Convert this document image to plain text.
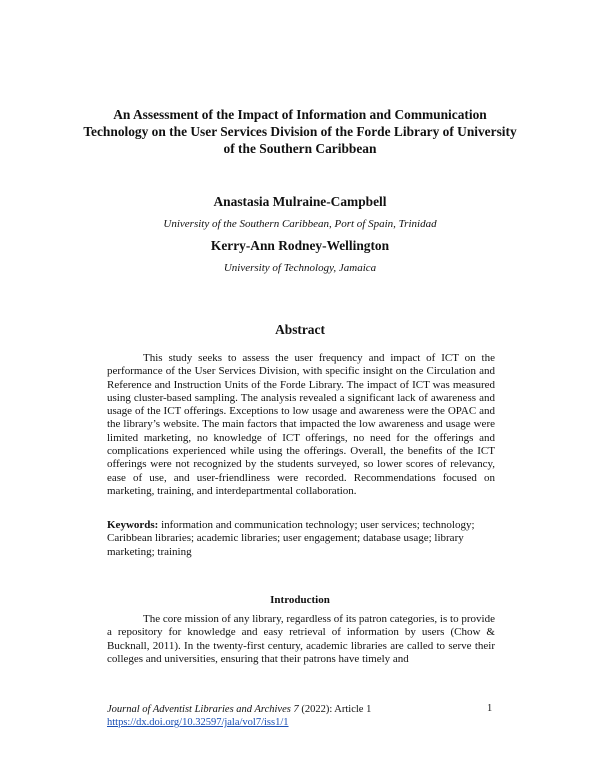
An Assessment of the Impact of Information and Communication Technology on the User Services Division of the Forde Library of University of the Southern Caribbean
Anastasia Mulraine-Campbell
University of the Southern Caribbean, Port of Spain, Trinidad
Kerry-Ann Rodney-Wellington
University of Technology, Jamaica
Abstract

This study seeks to assess the user frequency and impact of ICT on the performance of the User Services Division, with specific insight on the Circulation and Reference and Instruction Units of the Forde Library. The impact of ICT was measured using cluster-based sampling. The analysis revealed a significant lack of awareness and usage of the ICT offerings. Exceptions to low usage and awareness were the OPAC and the library’s website. The main factors that impacted the low awareness and usage were limited marketing, no knowledge of ICT offerings, no need for the offerings and complications experienced while using the offerings. Overall, the benefits of the ICT offerings were not recognized by the students surveyed, so lower scores of relevancy, ease of use, and user-friendliness were recorded. Recommendations focused on marketing, training, and interdepartmental collaboration.

Keywords: information and communication technology; user services; technology; Caribbean libraries; academic libraries; user engagement; database usage; library marketing; training

Introduction

The core mission of any library, regardless of its patron categories, is to provide a repository for knowledge and easy retrieval of information by users (Chow & Bucknall, 2011). In the twenty-first century, academic libraries are called to serve their colleges and universities, ensuring that their patrons have timely and

Journal of Adventist Libraries and Archives 7 (2022): Article 1
https://dx.doi.org/10.32597/jala/vol7/iss1/1
1
